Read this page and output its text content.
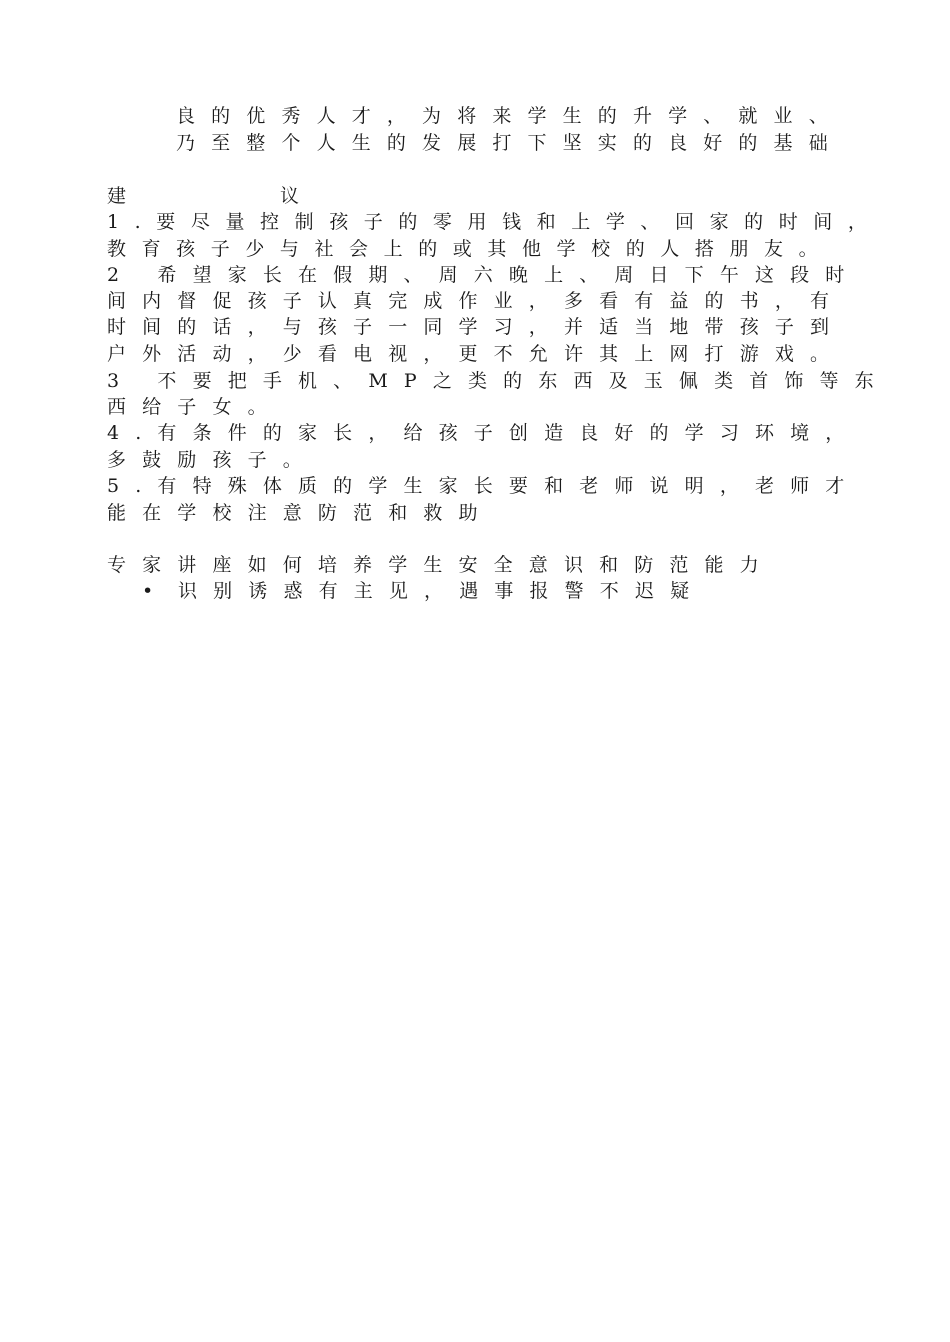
良的优秀人才，为将来学生的升学、就业、
乃至整个人生的发展打下坚实的良好的基础
建	议
1.要尽量控制孩子的零用钱和上学、回家的时间，
教育孩子少与社会上的或其他学校的人搭朋友。
2 希望家长在假期、周六晚上、周日下午这段时
间内督促孩子认真完成作业，多看有益的书，有
时间的话，与孩子一同学习，并适当地带孩子到
户外活动，少看电视，更不允许其上网打游戏。
3 不要把手机、MP之类的东西及玉佩类首饰等东
西给子女。
4.有条件的家长，给孩子创造良好的学习环境，
多鼓励孩子。
5.有特殊体质的学生家长要和老师说明，老师才
能在学校注意防范和救助
专家讲座如何培养学生安全意识和防范能力
• 识别诱惑有主见，遇事报警不迟疑
